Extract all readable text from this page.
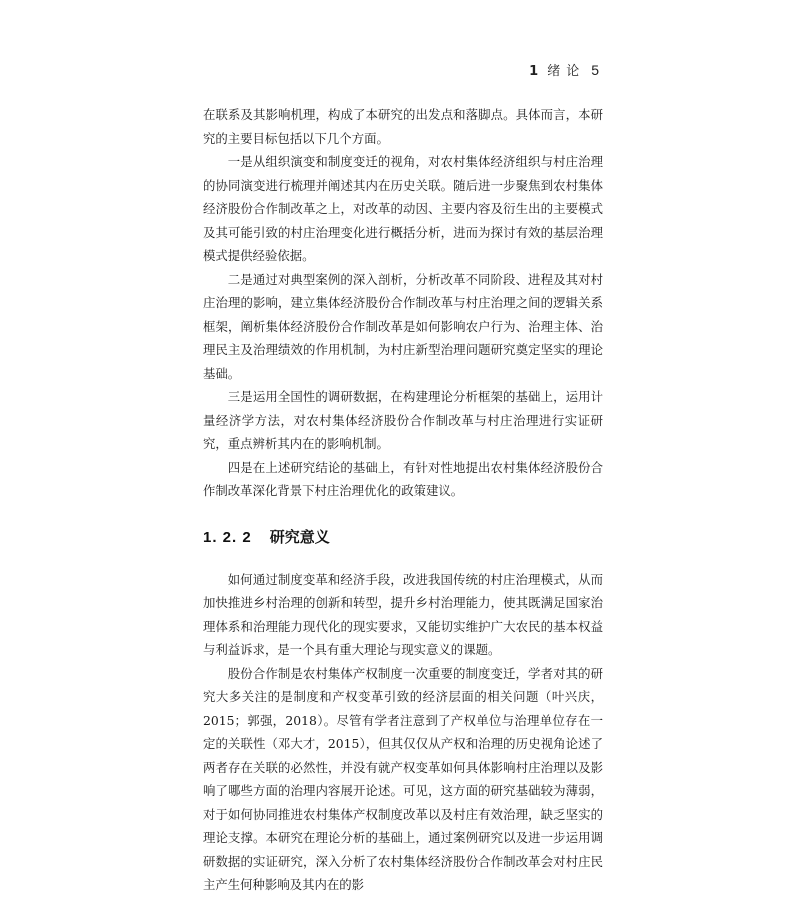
1 绪论 5

在联系及其影响机理，构成了本研究的出发点和落脚点。具体而言，本研究的主要目标包括以下几个方面。

一是从组织演变和制度变迁的视角，对农村集体经济组织与村庄治理的协同演变进行梳理并阐述其内在历史关联。随后进一步聚焦到农村集体经济股份合作制改革之上，对改革的动因、主要内容及衍生出的主要模式及其可能引致的村庄治理变化进行概括分析，进而为探讨有效的基层治理模式提供经验依据。

二是通过对典型案例的深入剖析，分析改革不同阶段、进程及其对村庄治理的影响，建立集体经济股份合作制改革与村庄治理之间的逻辑关系框架，阐析集体经济股份合作制改革是如何影响农户行为、治理主体、治理民主及治理绩效的作用机制，为村庄新型治理问题研究奠定坚实的理论基础。

三是运用全国性的调研数据，在构建理论分析框架的基础上，运用计量经济学方法，对农村集体经济股份合作制改革与村庄治理进行实证研究，重点辨析其内在的影响机制。

四是在上述研究结论的基础上，有针对性地提出农村集体经济股份合作制改革深化背景下村庄治理优化的政策建议。

1. 2. 2 研究意义

如何通过制度变革和经济手段，改进我国传统的村庄治理模式，从而加快推进乡村治理的创新和转型，提升乡村治理能力，使其既满足国家治理体系和治理能力现代化的现实要求，又能切实维护广大农民的基本权益与利益诉求，是一个具有重大理论与现实意义的课题。

股份合作制是农村集体产权制度一次重要的制度变迁，学者对其的研究大多关注的是制度和产权变革引致的经济层面的相关问题（叶兴庆，2015；郭强，2018）。尽管有学者注意到了产权单位与治理单位存在一定的关联性（邓大才，2015），但其仅仅从产权和治理的历史视角论述了两者存在关联的必然性，并没有就产权变革如何具体影响村庄治理以及影响了哪些方面的治理内容展开论述。可见，这方面的研究基础较为薄弱，对于如何协同推进农村集体产权制度改革以及村庄有效治理，缺乏坚实的理论支撑。本研究在理论分析的基础上，通过案例研究以及进一步运用调研数据的实证研究，深入分析了农村集体经济股份合作制改革会对村庄民主产生何种影响及其内在的影
